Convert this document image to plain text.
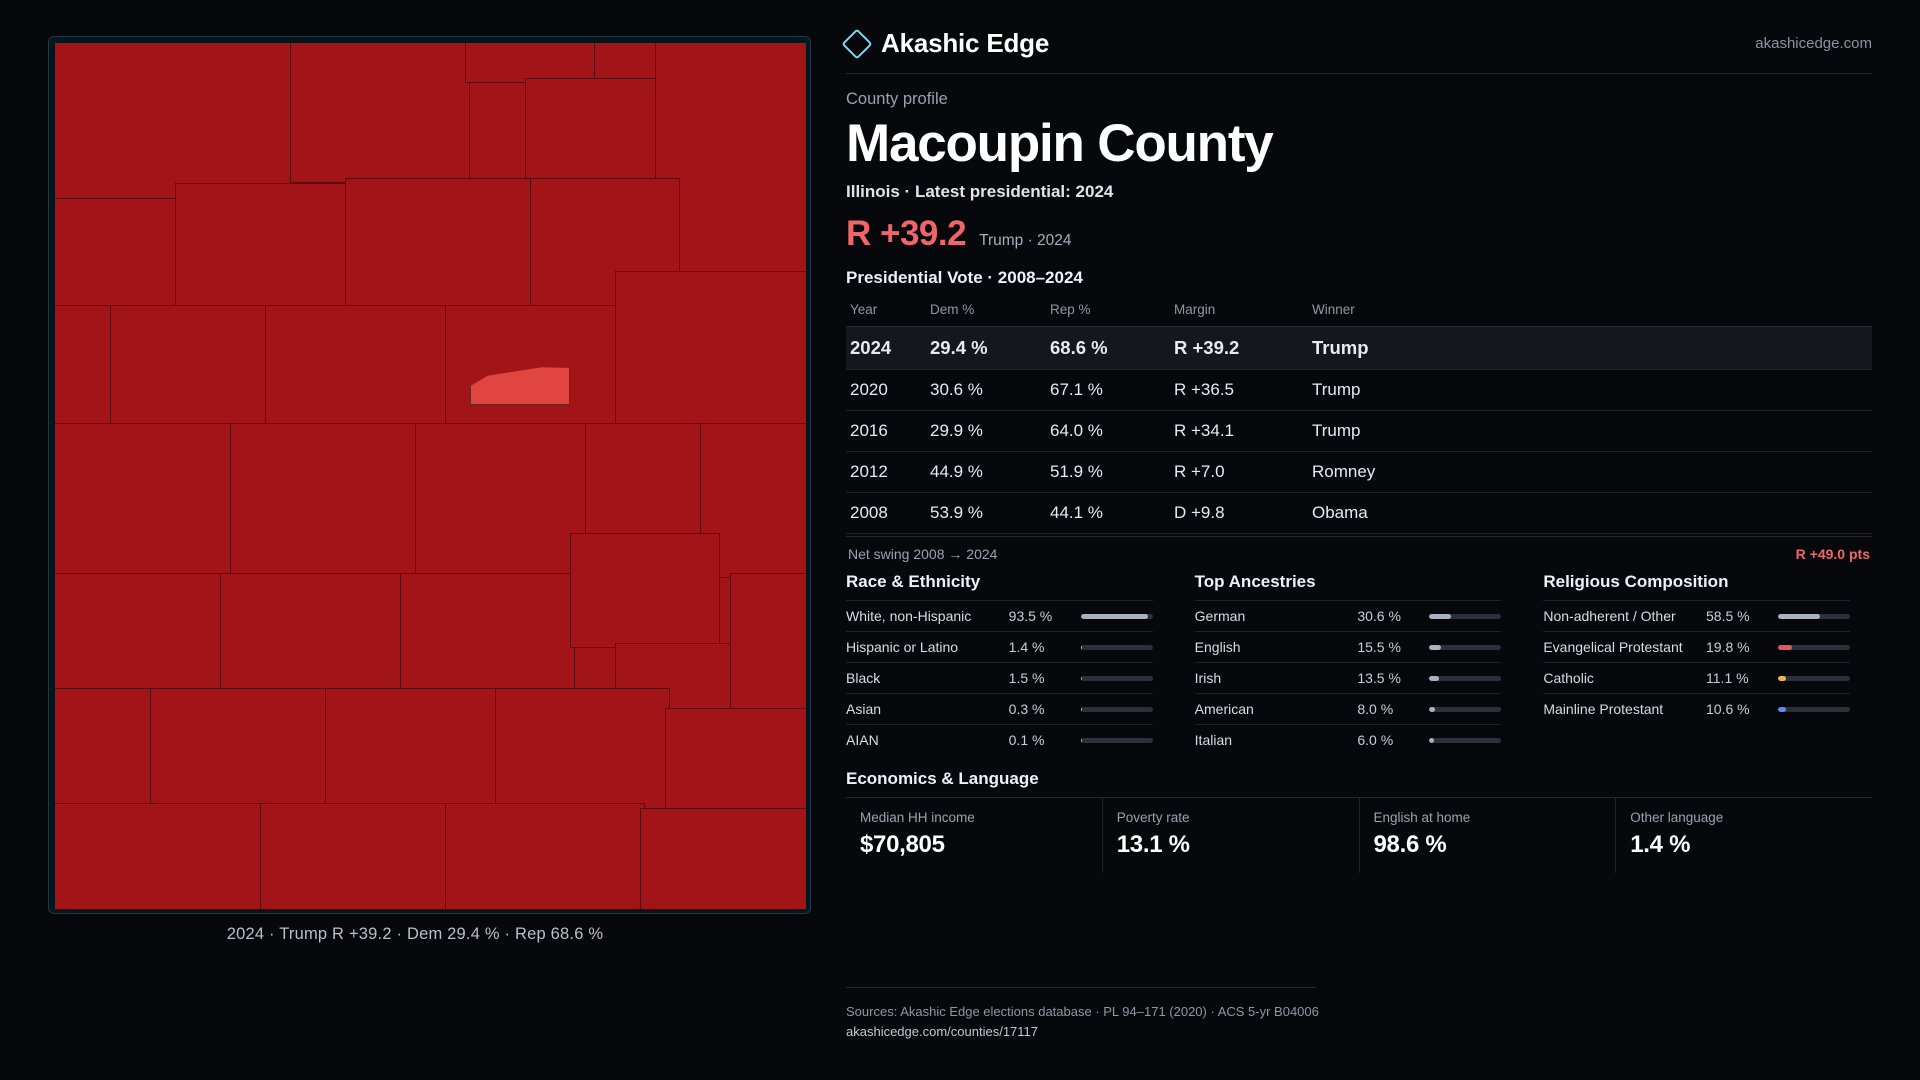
2024 · Trump R +39.2 · Dem 29.4 % · Rep 68.6 %
Akashic Edge	akashicedge.com
County profile
Macoupin County
Illinois · Latest presidential: 2024
R +39.2 Trump · 2024
Presidential Vote · 2008–2024
Year	Dem %	Rep %	Margin	Winner
2024	29.4 %	68.6 %	R +39.2	Trump
2020	30.6 %	67.1 %	R +36.5	Trump
2016	29.9 %	64.0 %	R +34.1	Trump
2012	44.9 %	51.9 %	R +7.0	Romney
2008	53.9 %	44.1 %	D +9.8	Obama
Net swing 2008 → 2024	R +49.0 pts
Race & Ethnicity
White, non-Hispanic	93.5 %
Hispanic or Latino	1.4 %
Black	1.5 %
Asian	0.3 %
AIAN	0.1 %
Top Ancestries
German	30.6 %
English	15.5 %
Irish	13.5 %
American	8.0 %
Italian	6.0 %
Religious Composition
Non-adherent / Other	58.5 %
Evangelical Protestant	19.8 %
Catholic	11.1 %
Mainline Protestant	10.6 %
Economics & Language
Median HH income
$70,805
Poverty rate
13.1 %
English at home
98.6 %
Other language
1.4 %
Sources: Akashic Edge elections database · PL 94–171 (2020) · ACS 5-yr B04006
akashicedge.com/counties/17117
